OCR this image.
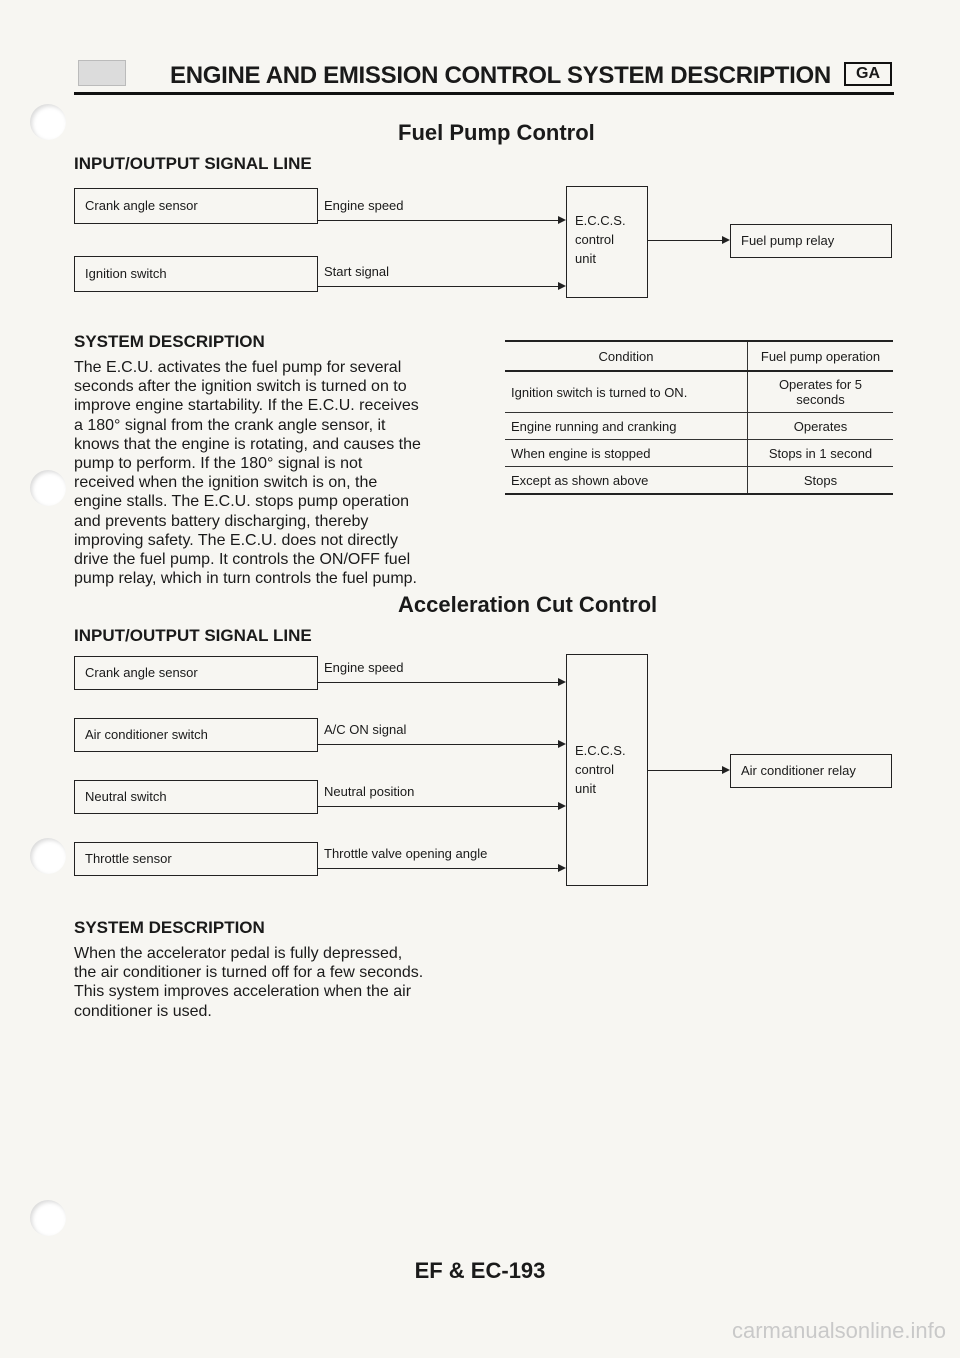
ENGINE AND EMISSION CONTROL SYSTEM DESCRIPTION	GA
Fuel Pump Control
INPUT/OUTPUT SIGNAL LINE
Crank angle sensor	Engine speed
Ignition switch	Start signal
E.C.C.S.
control
unit
Fuel pump relay
SYSTEM DESCRIPTION
The E.C.U. activates the fuel pump for several
seconds after the ignition switch is turned on to
improve engine startability. If the E.C.U. receives
a 180° signal from the crank angle sensor, it
knows that the engine is rotating, and causes the
pump to perform. If the 180° signal is not
received when the ignition switch is on, the
engine stalls. The E.C.U. stops pump operation
and prevents battery discharging, thereby
improving safety. The E.C.U. does not directly
drive the fuel pump. It controls the ON/OFF fuel
pump relay, which in turn controls the fuel pump.
Condition	Fuel pump operation
Ignition switch is turned to ON.	Operates for 5 seconds

Engine running and cranking	Operates
When engine is stopped	Stops in 1 second
Except as shown above	Stops
Acceleration Cut Control
INPUT/OUTPUT SIGNAL LINE
Crank angle sensor	Engine speed
Air conditioner switch	A/C ON signal
Neutral switch	Neutral position
Throttle sensor	Throttle valve opening angle
E.C.C.S.
control
unit
Air conditioner relay
SYSTEM DESCRIPTION
When the accelerator pedal is fully depressed,
the air conditioner is turned off for a few seconds.
This system improves acceleration when the air
conditioner is used.
EF & EC-193
carmanualsonline.info
